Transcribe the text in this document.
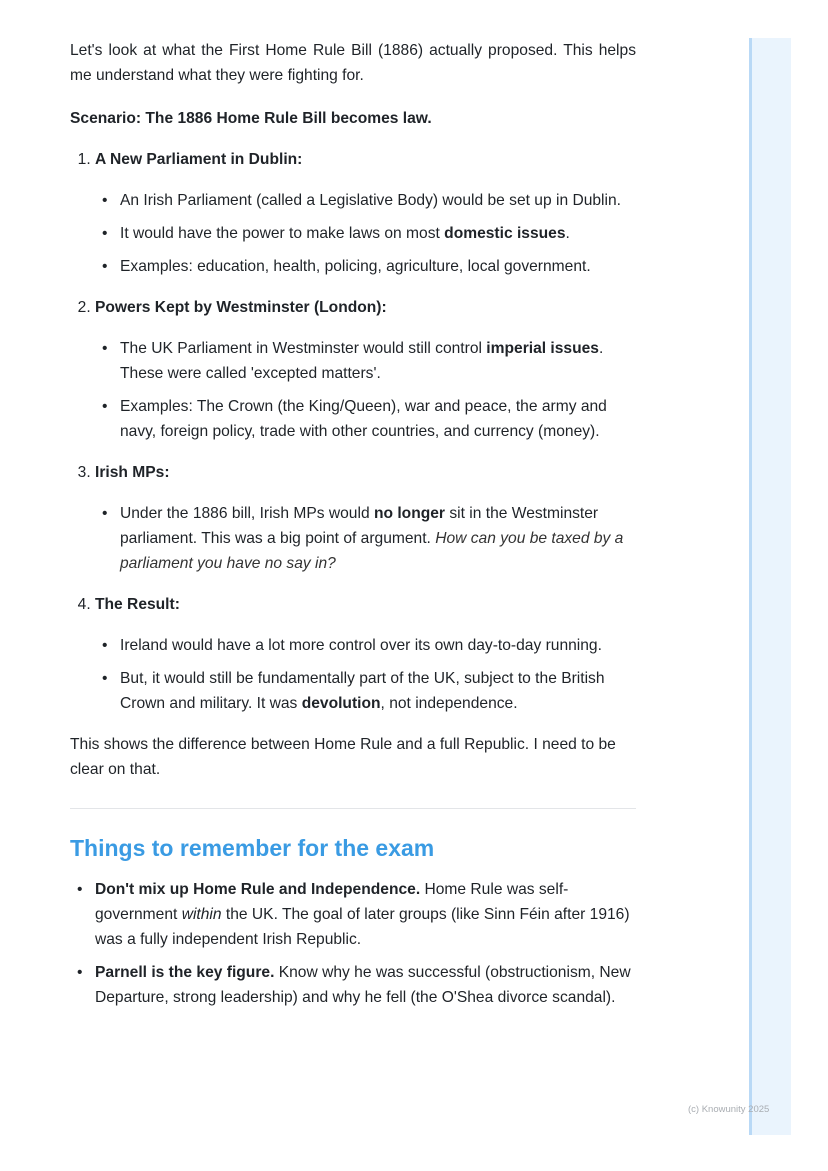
Let's look at what the First Home Rule Bill (1886) actually proposed. This helps me understand what they were fighting for.

Scenario: The 1886 Home Rule Bill becomes law.

1. A New Parliament in Dublin:
• An Irish Parliament (called a Legislative Body) would be set up in Dublin.
• It would have the power to make laws on most domestic issues.
• Examples: education, health, policing, agriculture, local government.
2. Powers Kept by Westminster (London):
• The UK Parliament in Westminster would still control imperial issues. These were called 'excepted matters'.
• Examples: The Crown (the King/Queen), war and peace, the army and navy, foreign policy, trade with other countries, and currency (money).
3. Irish MPs:
• Under the 1886 bill, Irish MPs would no longer sit in the Westminster parliament. This was a big point of argument. How can you be taxed by a parliament you have no say in?
4. The Result:
• Ireland would have a lot more control over its own day-to-day running.
• But, it would still be fundamentally part of the UK, subject to the British Crown and military. It was devolution, not independence.

This shows the difference between Home Rule and a full Republic. I need to be clear on that.

Things to remember for the exam
• Don't mix up Home Rule and Independence. Home Rule was self-government within the UK. The goal of later groups (like Sinn Féin after 1916) was a fully independent Irish Republic.
• Parnell is the key figure. Know why he was successful (obstructionism, New Departure, strong leadership) and why he fell (the O'Shea divorce scandal).
(c) Knowunity 2025
